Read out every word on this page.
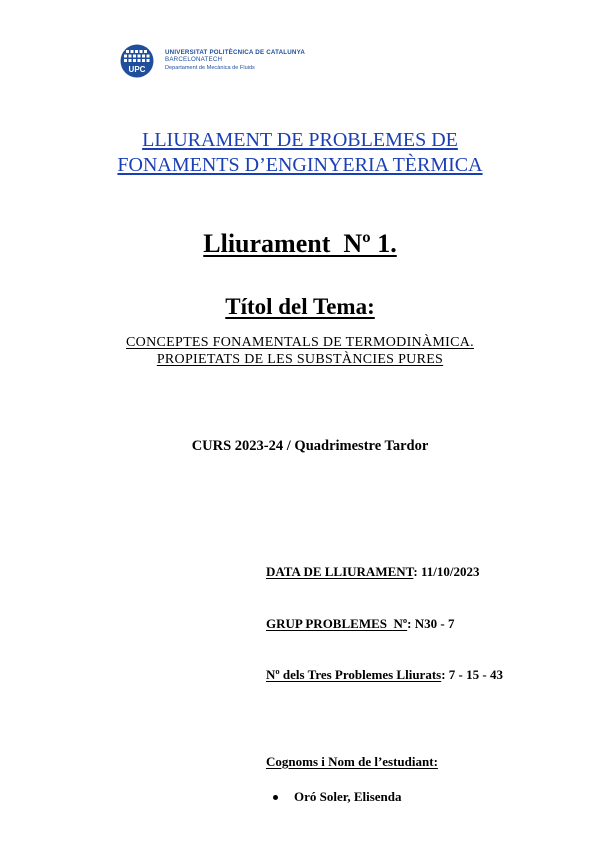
UPC
UNIVERSITAT POLITÈCNICA DE CATALUNYA
BARCELONATECH
Departament de Mecànica de Fluids
LLIURAMENT DE PROBLEMES DE
FONAMENTS D’ENGINYERIA TÈRMICA
Lliurament  Nº 1.
Títol del Tema:
CONCEPTES FONAMENTALS DE TERMODINÀMICA.
PROPIETATS DE LES SUBSTÀNCIES PURES
CURS 2023-24 / Quadrimestre Tardor
DATA DE LLIURAMENT: 11/10/2023
GRUP PROBLEMES  Nº: N30 - 7
Nº dels Tres Problemes Lliurats: 7 - 15 - 43
Cognoms i Nom de l’estudiant:
Oró Soler, Elisenda
